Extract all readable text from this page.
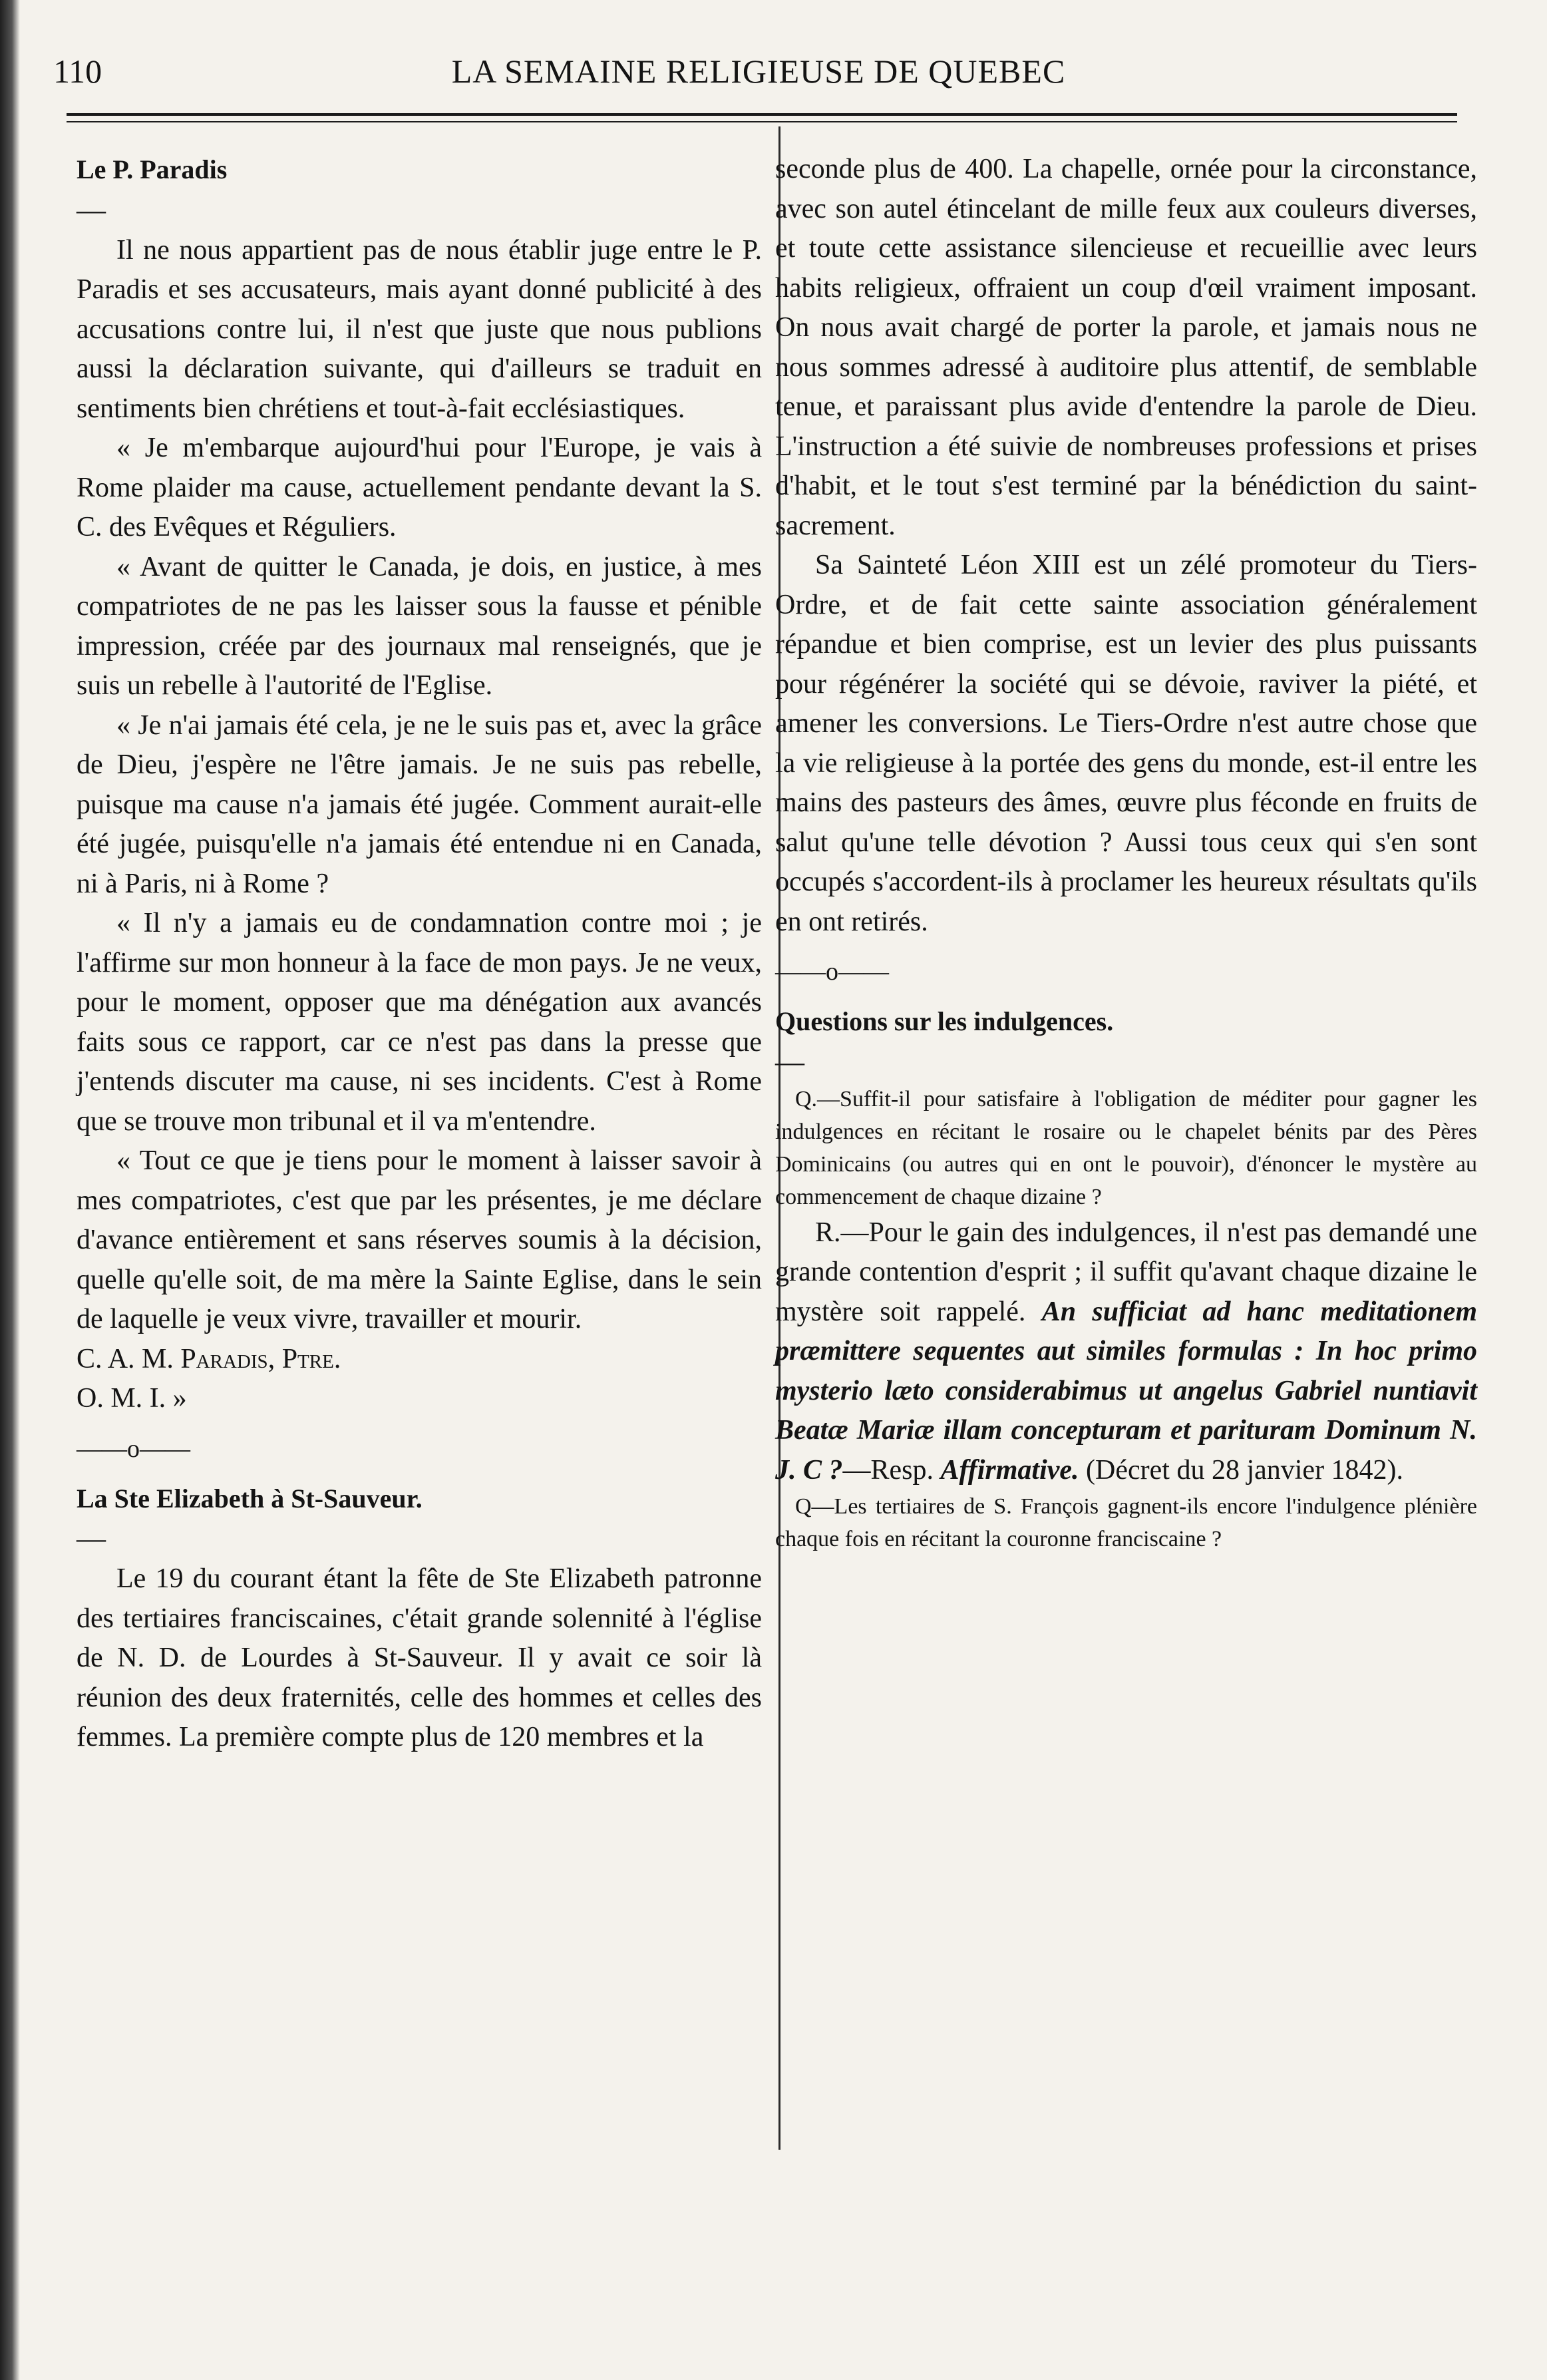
110	LA SEMAINE RELIGIEUSE DE QUEBEC

Le P. Paradis

—

Il ne nous appartient pas de nous établir juge entre le P. Paradis et ses accusateurs, mais ayant donné publicité à des accusations contre lui, il n'est que juste que nous publions aussi la déclaration suivante, qui d'ailleurs se traduit en sentiments bien chrétiens et tout-à-fait ecclésiastiques.

« Je m'embarque aujourd'hui pour l'Europe, je vais à Rome plaider ma cause, actuellement pendante devant la S. C. des Evêques et Réguliers.

« Avant de quitter le Canada, je dois, en justice, à mes compatriotes de ne pas les laisser sous la fausse et pénible impression, créée par des journaux mal renseignés, que je suis un rebelle à l'autorité de l'Eglise.

« Je n'ai jamais été cela, je ne le suis pas et, avec la grâce de Dieu, j'espère ne l'être jamais. Je ne suis pas rebelle, puisque ma cause n'a jamais été jugée. Comment aurait-elle été jugée, puisqu'elle n'a jamais été entendue ni en Canada, ni à Paris, ni à Rome ?

« Il n'y a jamais eu de condamnation contre moi ; je l'affirme sur mon honneur à la face de mon pays. Je ne veux, pour le moment, opposer que ma dénégation aux avancés faits sous ce rapport, car ce n'est pas dans la presse que j'entends discuter ma cause, ni ses incidents. C'est à Rome que se trouve mon tribunal et il va m'entendre.

« Tout ce que je tiens pour le moment à laisser savoir à mes compatriotes, c'est que par les présentes, je me déclare d'avance entièrement et sans réserves soumis à la décision, quelle qu'elle soit, de ma mère la Sainte Eglise, dans le sein de laquelle je veux vivre, travailler et mourir.

C. A. M. Paradis, Ptre.

O. M. I. »

——o——

La Ste Elizabeth à St-Sauveur.

—

Le 19 du courant étant la fête de Ste Elizabeth patronne des tertiaires franciscaines, c'était grande solennité à l'église de N. D. de Lourdes à St-Sauveur. Il y avait ce soir là réunion des deux fraternités, celle des hommes et celles des femmes. La première compte plus de 120 membres et la

seconde plus de 400. La chapelle, ornée pour la circonstance, avec son autel étincelant de mille feux aux couleurs diverses, et toute cette assistance silencieuse et recueillie avec leurs habits religieux, offraient un coup d'œil vraiment imposant. On nous avait chargé de porter la parole, et jamais nous ne nous sommes adressé à auditoire plus attentif, de semblable tenue, et paraissant plus avide d'entendre la parole de Dieu. L'instruction a été suivie de nombreuses professions et prises d'habit, et le tout s'est terminé par la bénédiction du saint-sacrement.

Sa Sainteté Léon XIII est un zélé promoteur du Tiers-Ordre, et de fait cette sainte association généralement répandue et bien comprise, est un levier des plus puissants pour régénérer la société qui se dévoie, raviver la piété, et amener les conversions. Le Tiers-Ordre n'est autre chose que la vie religieuse à la portée des gens du monde, est-il entre les mains des pasteurs des âmes, œuvre plus féconde en fruits de salut qu'une telle dévotion ? Aussi tous ceux qui s'en sont occupés s'accordent-ils à proclamer les heureux résultats qu'ils en ont retirés.

——o——

Questions sur les indulgences.

—

Q.—Suffit-il pour satisfaire à l'obligation de méditer pour gagner les indulgences en récitant le rosaire ou le chapelet bénits par des Pères Dominicains (ou autres qui en ont le pouvoir), d'énoncer le mystère au commencement de chaque dizaine ?

R.—Pour le gain des indulgences, il n'est pas demandé une grande contention d'esprit ; il suffit qu'avant chaque dizaine le mystère soit rappelé. An sufficiat ad hanc meditationem præmittere sequentes aut similes formulas : In hoc primo mysterio læto considerabimus ut angelus Gabriel nuntiavit Beatæ Mariæ illam concepturam et parituram Dominum N. J. C ?—Resp. Affirmative. (Décret du 28 janvier 1842).

Q—Les tertiaires de S. François gagnent-ils encore l'indulgence plénière chaque fois en récitant la couronne franciscaine ?
